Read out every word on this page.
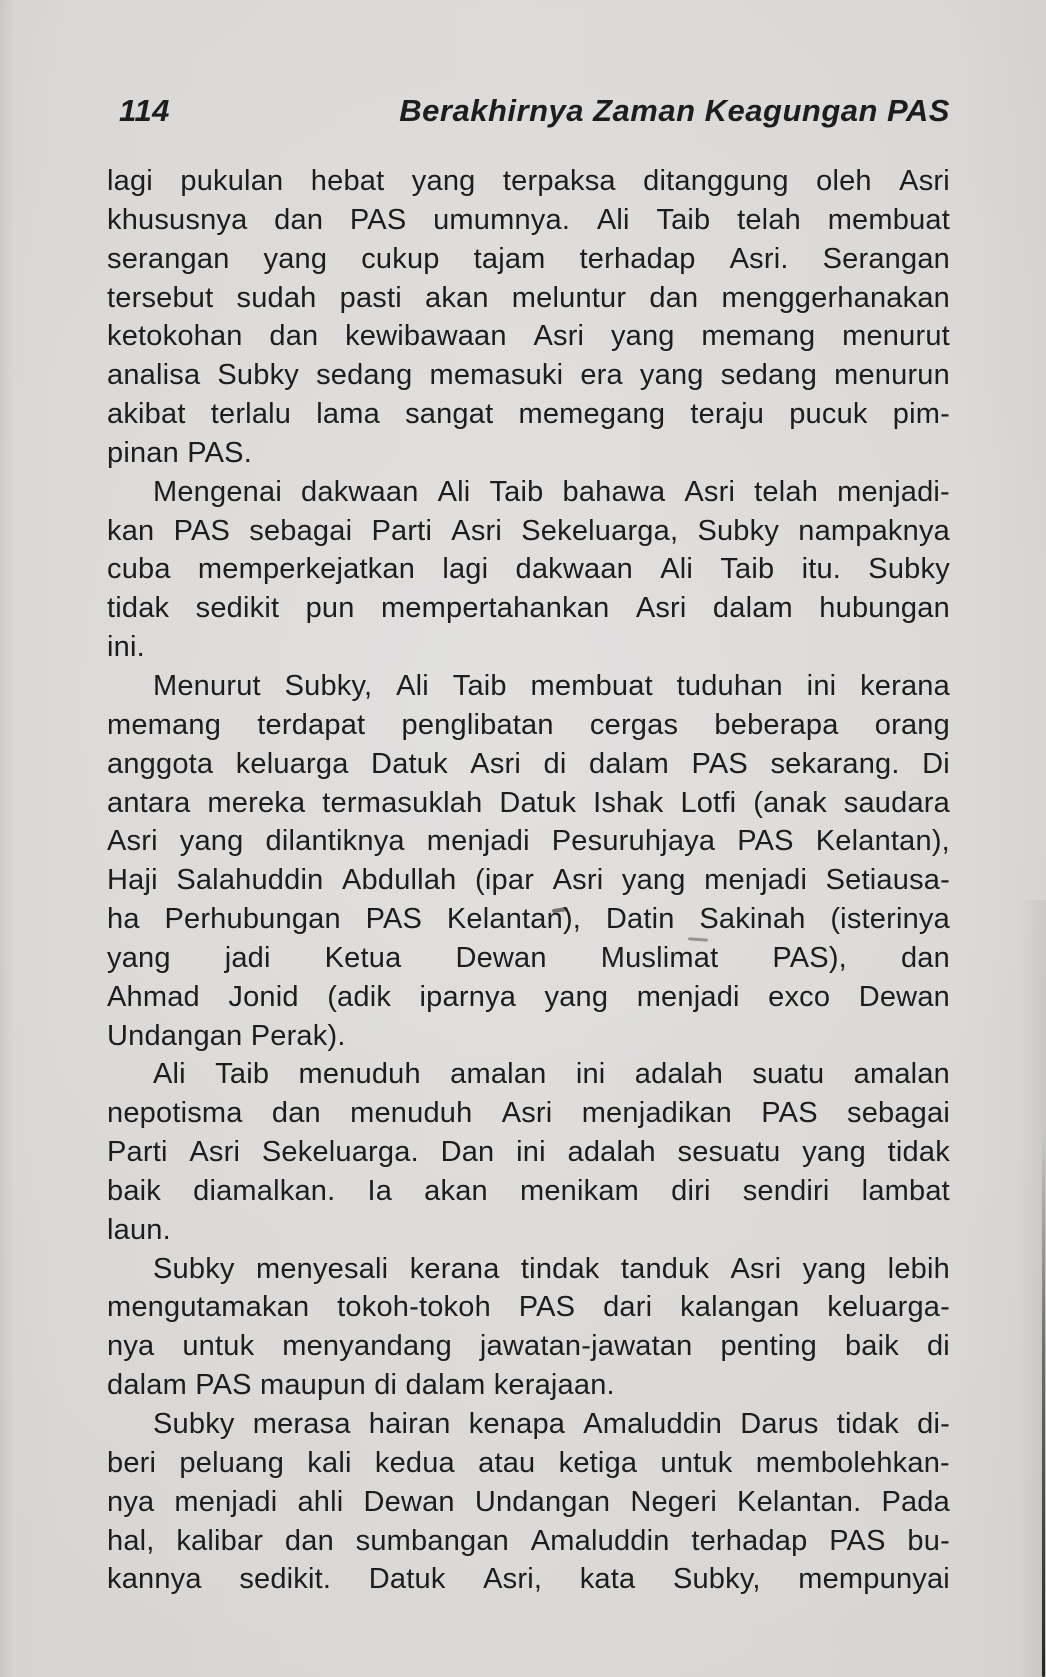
114	Berakhirnya Zaman Keagungan PAS
lagi pukulan hebat yang terpaksa ditanggung oleh Asri
khususnya dan PAS umumnya. Ali Taib telah membuat
serangan yang cukup tajam terhadap Asri. Serangan
tersebut sudah pasti akan meluntur dan menggerhanakan
ketokohan dan kewibawaan Asri yang memang menurut
analisa Subky sedang memasuki era yang sedang menurun
akibat terlalu lama sangat memegang teraju pucuk pim-
pinan PAS.
Mengenai dakwaan Ali Taib bahawa Asri telah menjadi-
kan PAS sebagai Parti Asri Sekeluarga, Subky nampaknya
cuba memperkejatkan lagi dakwaan Ali Taib itu. Subky
tidak sedikit pun mempertahankan Asri dalam hubungan
ini.
Menurut Subky, Ali Taib membuat tuduhan ini kerana
memang terdapat penglibatan cergas beberapa orang
anggota keluarga Datuk Asri di dalam PAS sekarang. Di
antara mereka termasuklah Datuk Ishak Lotfi (anak saudara
Asri yang dilantiknya menjadi Pesuruhjaya PAS Kelantan),
Haji Salahuddin Abdullah (ipar Asri yang menjadi Setiausa-
ha Perhubungan PAS Kelantan), Datin Sakinah (isterinya
yang jadi Ketua Dewan Muslimat PAS), dan
Ahmad Jonid (adik iparnya yang menjadi exco Dewan
Undangan Perak).
Ali Taib menuduh amalan ini adalah suatu amalan
nepotisma dan menuduh Asri menjadikan PAS sebagai
Parti Asri Sekeluarga. Dan ini adalah sesuatu yang tidak
baik diamalkan. Ia akan menikam diri sendiri lambat
laun.
Subky menyesali kerana tindak tanduk Asri yang lebih
mengutamakan tokoh-tokoh PAS dari kalangan keluarga-
nya untuk menyandang jawatan-jawatan penting baik di
dalam PAS maupun di dalam kerajaan.
Subky merasa hairan kenapa Amaluddin Darus tidak di-
beri peluang kali kedua atau ketiga untuk membolehkan-
nya menjadi ahli Dewan Undangan Negeri Kelantan. Pada
hal, kalibar dan sumbangan Amaluddin terhadap PAS bu-
kannya sedikit. Datuk Asri, kata Subky, mempunyai
